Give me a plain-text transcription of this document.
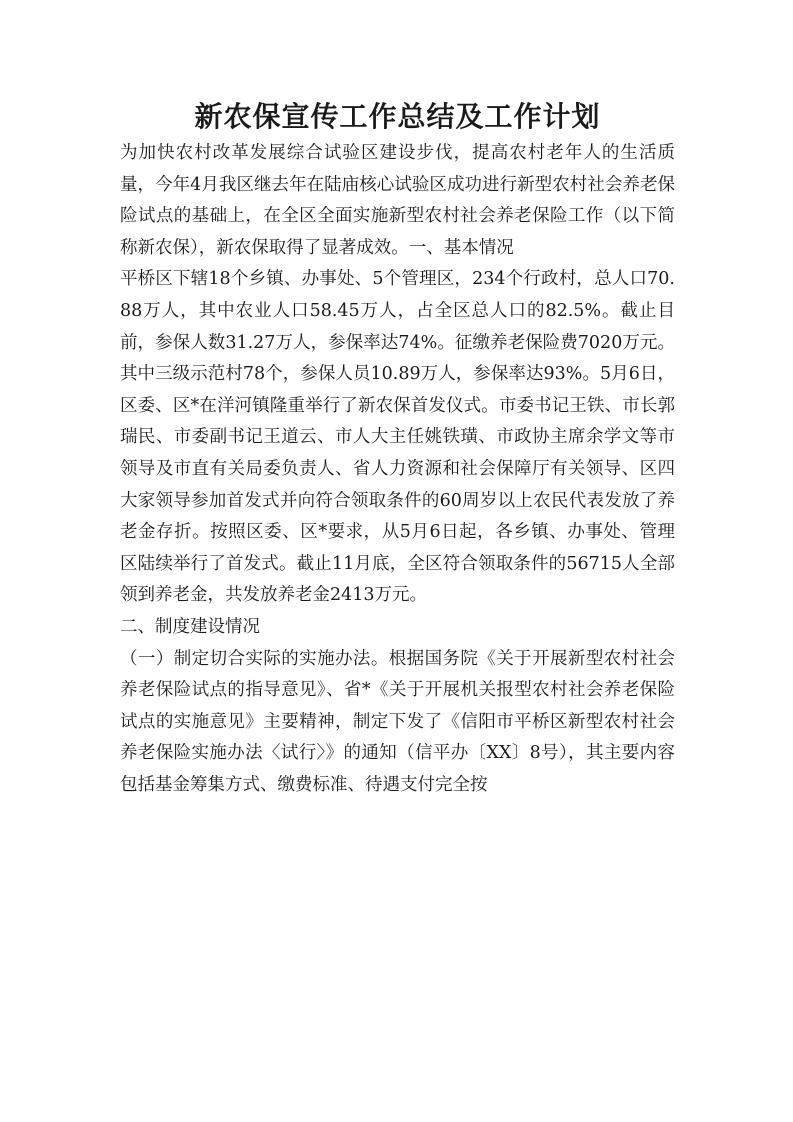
新农保宣传工作总结及工作计划

为加快农村改革发展综合试验区建设步伐，提高农村老年人的生活质量，今年4月我区继去年在陆庙核心试验区成功进行新型农村社会养老保险试点的基础上，在全区全面实施新型农村社会养老保险工作（以下简称新农保），新农保取得了显著成效。一、基本情况

平桥区下辖18个乡镇、办事处、5个管理区，234个行政村，总人口70.88万人，其中农业人口58.45万人，占全区总人口的82.5%。截止目前，参保人数31.27万人，参保率达74%。征缴养老保险费7020万元。其中三级示范村78个，参保人员10.89万人，参保率达93%。5月6日，区委、区*在洋河镇隆重举行了新农保首发仪式。市委书记王铁、市长郭瑞民、市委副书记王道云、市人大主任姚铁璜、市政协主席余学文等市领导及市直有关局委负责人、省人力资源和社会保障厅有关领导、区四大家领导参加首发式并向符合领取条件的60周岁以上农民代表发放了养老金存折。按照区委、区*要求，从5月6日起，各乡镇、办事处、管理区陆续举行了首发式。截止11月底，全区符合领取条件的56715人全部领到养老金，共发放养老金2413万元。

二、制度建设情况

（一）制定切合实际的实施办法。根据国务院《关于开展新型农村社会养老保险试点的指导意见》、省*《关于开展机关报型农村社会养老保险试点的实施意见》主要精神，制定下发了《信阳市平桥区新型农村社会养老保险实施办法〈试行〉》的通知（信平办〔XX〕8号），其主要内容包括基金筹集方式、缴费标准、待遇支付完全按
